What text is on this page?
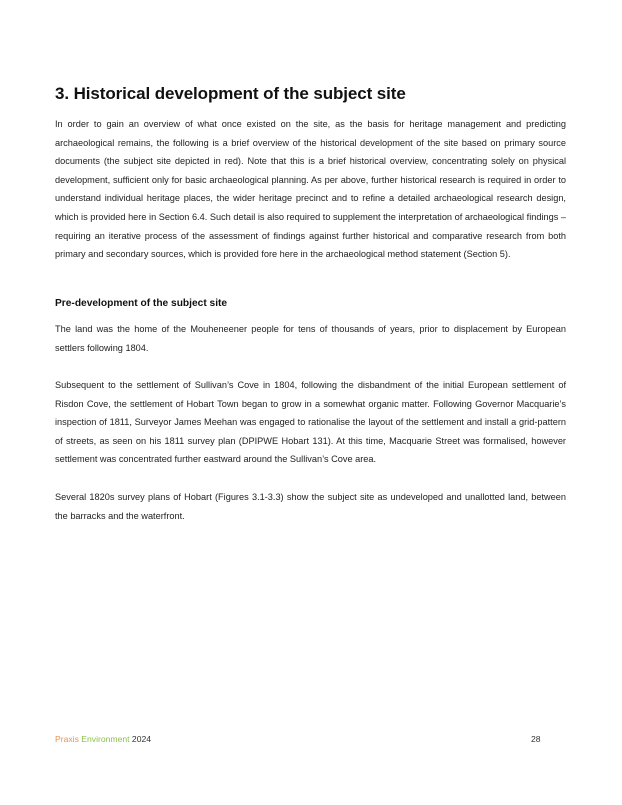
3. Historical development of the subject site

In order to gain an overview of what once existed on the site, as the basis for heritage management and predicting archaeological remains, the following is a brief overview of the historical development of the site based on primary source documents (the subject site depicted in red). Note that this is a brief historical overview, concentrating solely on physical development, sufficient only for basic archaeological planning. As per above, further historical research is required in order to understand individual heritage places, the wider heritage precinct and to refine a detailed archaeological research design, which is provided here in Section 6.4. Such detail is also required to supplement the interpretation of archaeological findings – requiring an iterative process of the assessment of findings against further historical and comparative research from both primary and secondary sources, which is provided fore here in the archaeological method statement (Section 5).

Pre-development of the subject site

The land was the home of the Mouheneener people for tens of thousands of years, prior to displacement by European settlers following 1804.

Subsequent to the settlement of Sullivan’s Cove in 1804, following the disbandment of the initial European settlement of Risdon Cove, the settlement of Hobart Town began to grow in a somewhat organic matter. Following Governor Macquarie’s inspection of 1811, Surveyor James Meehan was engaged to rationalise the layout of the settlement and install a grid-pattern of streets, as seen on his 1811 survey plan (DPIPWE Hobart 131). At this time, Macquarie Street was formalised, however settlement was concentrated further eastward around the Sullivan’s Cove area.

Several 1820s survey plans of Hobart (Figures 3.1-3.3) show the subject site as undeveloped and unallotted land, between the barracks and the waterfront.

Praxis Environment 2024	28
